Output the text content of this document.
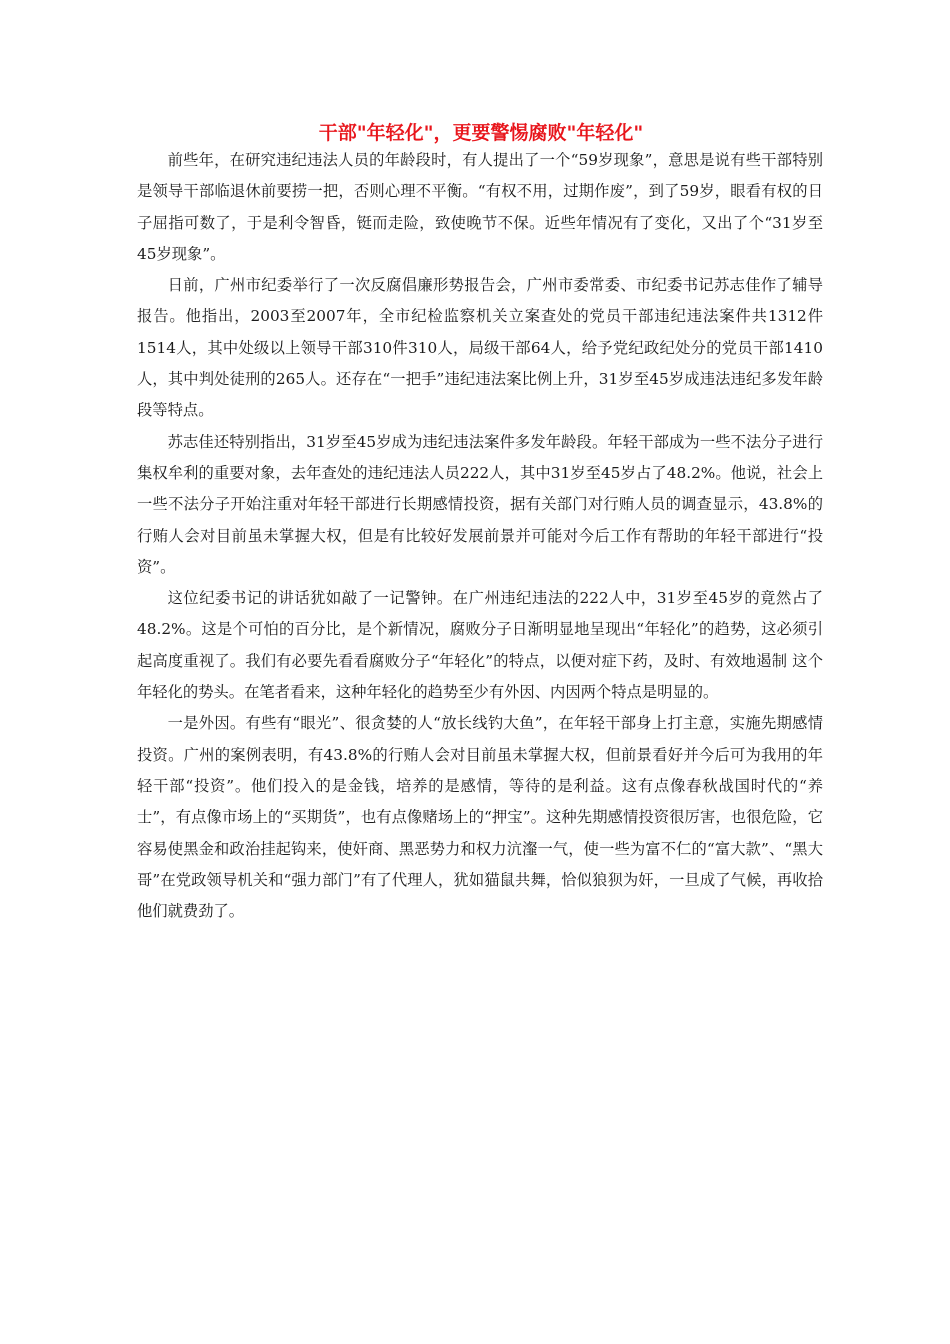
干部"年轻化"，更要警惕腐败"年轻化"

前些年，在研究违纪违法人员的年龄段时，有人提出了一个“59岁现象”，意思是说有些干部特别是领导干部临退休前要捞一把，否则心理不平衡。“有权不用，过期作废”，到了59岁，眼看有权的日子屈指可数了，于是利令智昏，铤而走险，致使晚节不保。近些年情况有了变化，又出了个“31岁至45岁现象”。

日前，广州市纪委举行了一次反腐倡廉形势报告会，广州市委常委、市纪委书记苏志佳作了辅导报告。他指出，2003至2007年，全市纪检监察机关立案查处的党员干部违纪违法案件共1312件1514人，其中处级以上领导干部310件310人，局级干部64人，给予党纪政纪处分的党员干部1410人，其中判处徒刑的265人。还存在“一把手”违纪违法案比例上升，31岁至45岁成违法违纪多发年龄段等特点。

苏志佳还特别指出，31岁至45岁成为违纪违法案件多发年龄段。年轻干部成为一些不法分子进行集权牟利的重要对象，去年查处的违纪违法人员222人，其中31岁至45岁占了48.2%。他说，社会上一些不法分子开始注重对年轻干部进行长期感情投资，据有关部门对行贿人员的调查显示，43.8%的行贿人会对目前虽未掌握大权，但是有比较好发展前景并可能对今后工作有帮助的年轻干部进行“投资”。

这位纪委书记的讲话犹如敲了一记警钟。在广州违纪违法的222人中，31岁至45岁的竟然占了48.2%。这是个可怕的百分比，是个新情况，腐败分子日渐明显地呈现出“年轻化”的趋势，这必须引起高度重视了。我们有必要先看看腐败分子“年轻化”的特点，以便对症下药，及时、有效地遏制 这个年轻化的势头。在笔者看来，这种年轻化的趋势至少有外因、内因两个特点是明显的。

一是外因。有些有“眼光”、很贪婪的人“放长线钓大鱼”，在年轻干部身上打主意，实施先期感情投资。广州的案例表明，有43.8%的行贿人会对目前虽未掌握大权，但前景看好并今后可为我用的年轻干部“投资”。他们投入的是金钱，培养的是感情，等待的是利益。这有点像春秋战国时代的“养士”，有点像市场上的“买期货”，也有点像赌场上的“押宝”。这种先期感情投资很厉害，也很危险，它容易使黑金和政治挂起钩来，使奸商、黑恶势力和权力沆瀣一气，使一些为富不仁的“富大款”、“黑大哥”在党政领导机关和“强力部门”有了代理人，犹如猫鼠共舞，恰似狼狈为奸，一旦成了气候，再收拾他们就费劲了。
